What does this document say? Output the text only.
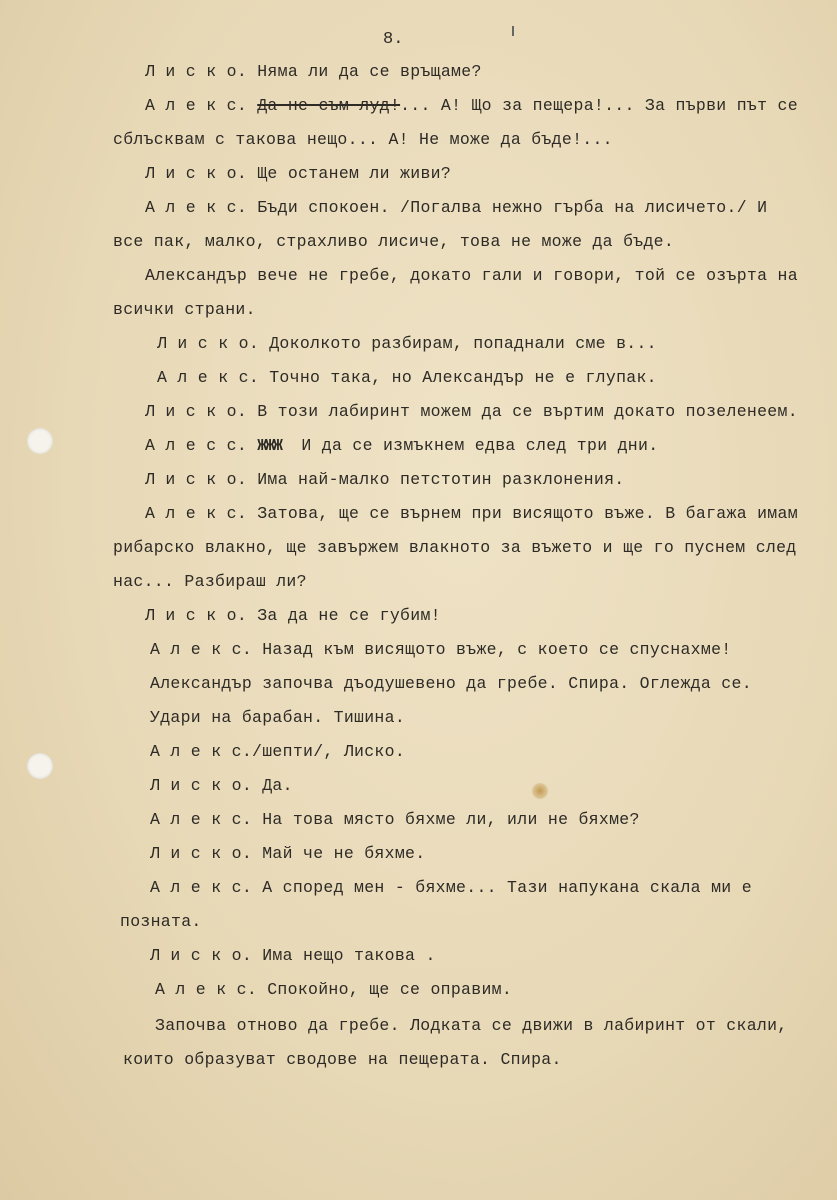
8.
Л и с к о. Няма ли да се връщаме?
А л е к с. Да не съм луд!... А! Що за пещера!... За първи път се
сблъсквам с такова нещо... А! Не може да бъде!...
Л и с к о. Ще останем ли живи?
А л е к с. Бъди спокоен. /Погалва нежно гърба на лисичето./ И
все пак, малко, страхливо лисиче, това не може да бъде.
Александър вече не гребе, докато гали и говори, той се озърта на
всички страни.
Л и с к о. Доколкото разбирам, попаднали сме в...
А л е к с. Точно така, но Александър не е глупак.
Л и с к о. В този лабиринт можем да се въртим докато позеленеем.
А л е с с. ЖЖЖ И да се измъкнем едва след три дни.
Л и с к о. Има най-малко петстотин разклонения.
А л е к с. Затова, ще се върнем при висящото въже. В багажа имам
рибарско влакно, ще завържем влакното за въжето и ще го пуснем след
нас... Разбираш ли?
Л и с к о. За да не се губим!
А л е к с. Назад към висящото въже, с което се спуснахме!
Александър започва дъодушевено да гребе. Спира. Оглежда се.
Удари на барабан. Тишина.
А л е к с./шепти/, Лиско.
Л и с к о. Да.
А л е к с. На това място бяхме ли, или не бяхме?
Л и с к о. Май че не бяхме.
А л е к с. А според мен - бяхме... Тази напукана скала ми е
позната.
Л и с к о. Има нещо такова .
А л е к с. Спокойно, ще се оправим.
Започва отново да гребе. Лодката се движи в лабиринт от скали,
които образуват сводове на пещерата. Спира.
